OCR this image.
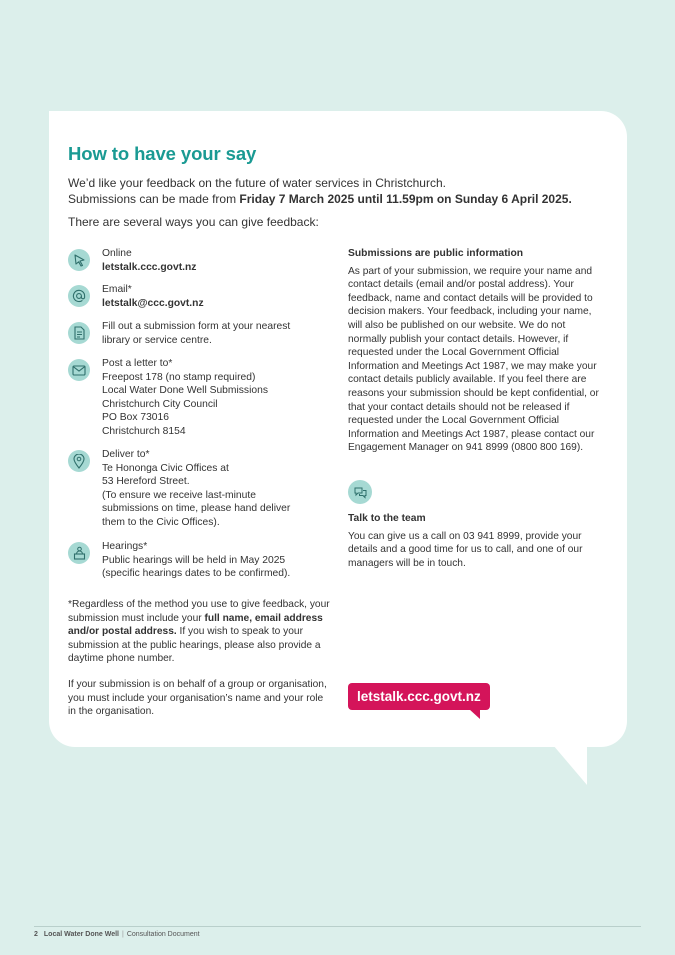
How to have your say

We’d like your feedback on the future of water services in Christchurch.

Submissions can be made from Friday 7 March 2025 until 11.59pm on Sunday 6 April 2025.

There are several ways you can give feedback:

Online
letstalk.ccc.govt.nz
Email*
letstalk@ccc.govt.nz
Fill out a submission form at your nearest
library or service centre.
Post a letter to*
Freepost 178 (no stamp required)
Local Water Done Well Submissions
Christchurch City Council
PO Box 73016
Christchurch 8154
Deliver to*
Te Hononga Civic Offices at
53 Hereford Street.
(To ensure we receive last-minute
submissions on time, please hand deliver
them to the Civic Offices).
Hearings*
Public hearings will be held in May 2025
(specific hearings dates to be confirmed).

*Regardless of the method you use to give feedback, your submission must include your full name, email address and/or postal address. If you wish to speak to your submission at the public hearings, please also provide a daytime phone number.

If your submission is on behalf of a group or organisation, you must include your organisation’s name and your role in the organisation.

Submissions are public information

As part of your submission, we require your name and contact details (email and/or postal address). Your feedback, name and contact details will be provided to decision makers. Your feedback, including your name, will also be published on our website. We do not normally publish your contact details. However, if requested under the Local Government Official Information and Meetings Act 1987, we may make your contact details publicly available. If you feel there are reasons your submission should be kept confidential, or that your contact details should not be released if requested under the Local Government Official Information and Meetings Act 1987, please contact our Engagement Manager on 941 8999 (0800 800 169).

Talk to the team

You can give us a call on 03 941 8999, provide your details and a good time for us to call, and one of our managers will be in touch.

letstalk.ccc.govt.nz
2 Local Water Done Well | Consultation Document
